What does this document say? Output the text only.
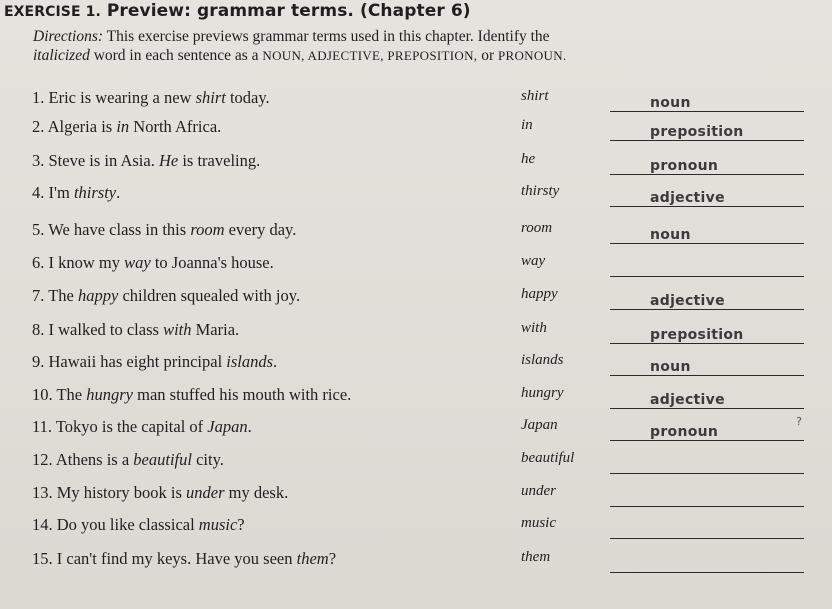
EXERCISE 1. Preview: grammar terms. (Chapter 6)
Directions: This exercise previews grammar terms used in this chapter. Identify the
italicized word in each sentence as a NOUN, ADJECTIVE, PREPOSITION, or PRONOUN.
1. Eric is wearing a new shirt today.	shirt	noun
2. Algeria is in North Africa.	in	preposition
3. Steve is in Asia. He is traveling.	he	pronoun
4. I'm thirsty.	thirsty	adjective
5. We have class in this room every day.	room	noun
6. I know my way to Joanna's house.	way
7. The happy children squealed with joy.	happy	adjective
8. I walked to class with Maria.	with	preposition
9. Hawaii has eight principal islands.	islands	noun
10. The hungry man stuffed his mouth with rice.	hungry	adjective
11. Tokyo is the capital of Japan.	Japan	pronoun
?
12. Athens is a beautiful city.	beautiful
13. My history book is under my desk.	under
14. Do you like classical music?	music
15. I can't find my keys. Have you seen them?	them
